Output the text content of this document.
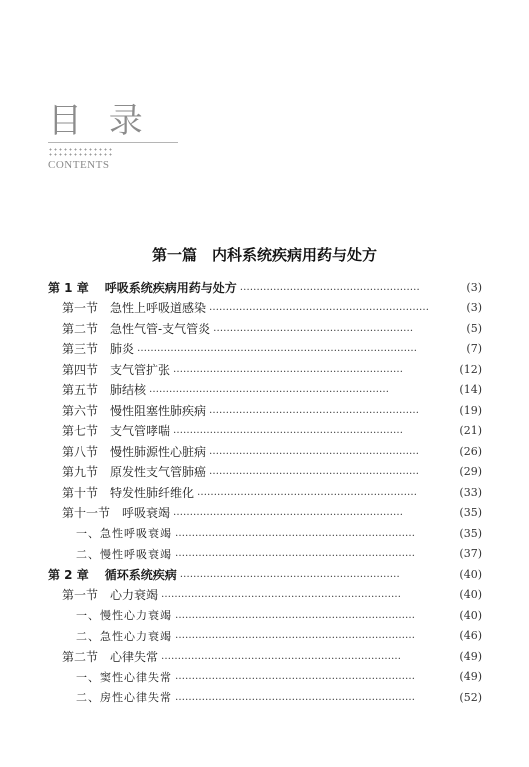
目 录
CONTENTS
第一篇　内科系统疾病用药与处方
第 1 章 呼吸系统疾病用药与处方 ………………………………………………	(3)
第一节 急性上呼吸道感染 …………………………………………………………	(3)
第二节 急性气管-支气管炎 ……………………………………………………	(5)
第三节 肺炎 …………………………………………………………………………	(7)
第四节 支气管扩张 ……………………………………………………………	(12)
第五节 肺结核 ………………………………………………………………	(14)
第六节 慢性阻塞性肺疾病 ………………………………………………………	(19)
第七节 支气管哮喘 ……………………………………………………………	(21)
第八节 慢性肺源性心脏病 ………………………………………………………	(26)
第九节 原发性支气管肺癌 ………………………………………………………	(29)
第十节 特发性肺纤维化 …………………………………………………………	(33)
第十一节 呼吸衰竭 ……………………………………………………………	(35)
一、急性呼吸衰竭 ………………………………………………………………	(35)
二、慢性呼吸衰竭 ………………………………………………………………	(37)
第 2 章 循环系统疾病 …………………………………………………………	(40)
第一节 心力衰竭 ………………………………………………………………	(40)
一、慢性心力衰竭 ………………………………………………………………	(40)
二、急性心力衰竭 ………………………………………………………………	(46)
第二节 心律失常 ………………………………………………………………	(49)
一、窦性心律失常 ………………………………………………………………	(49)
二、房性心律失常 ………………………………………………………………	(52)
